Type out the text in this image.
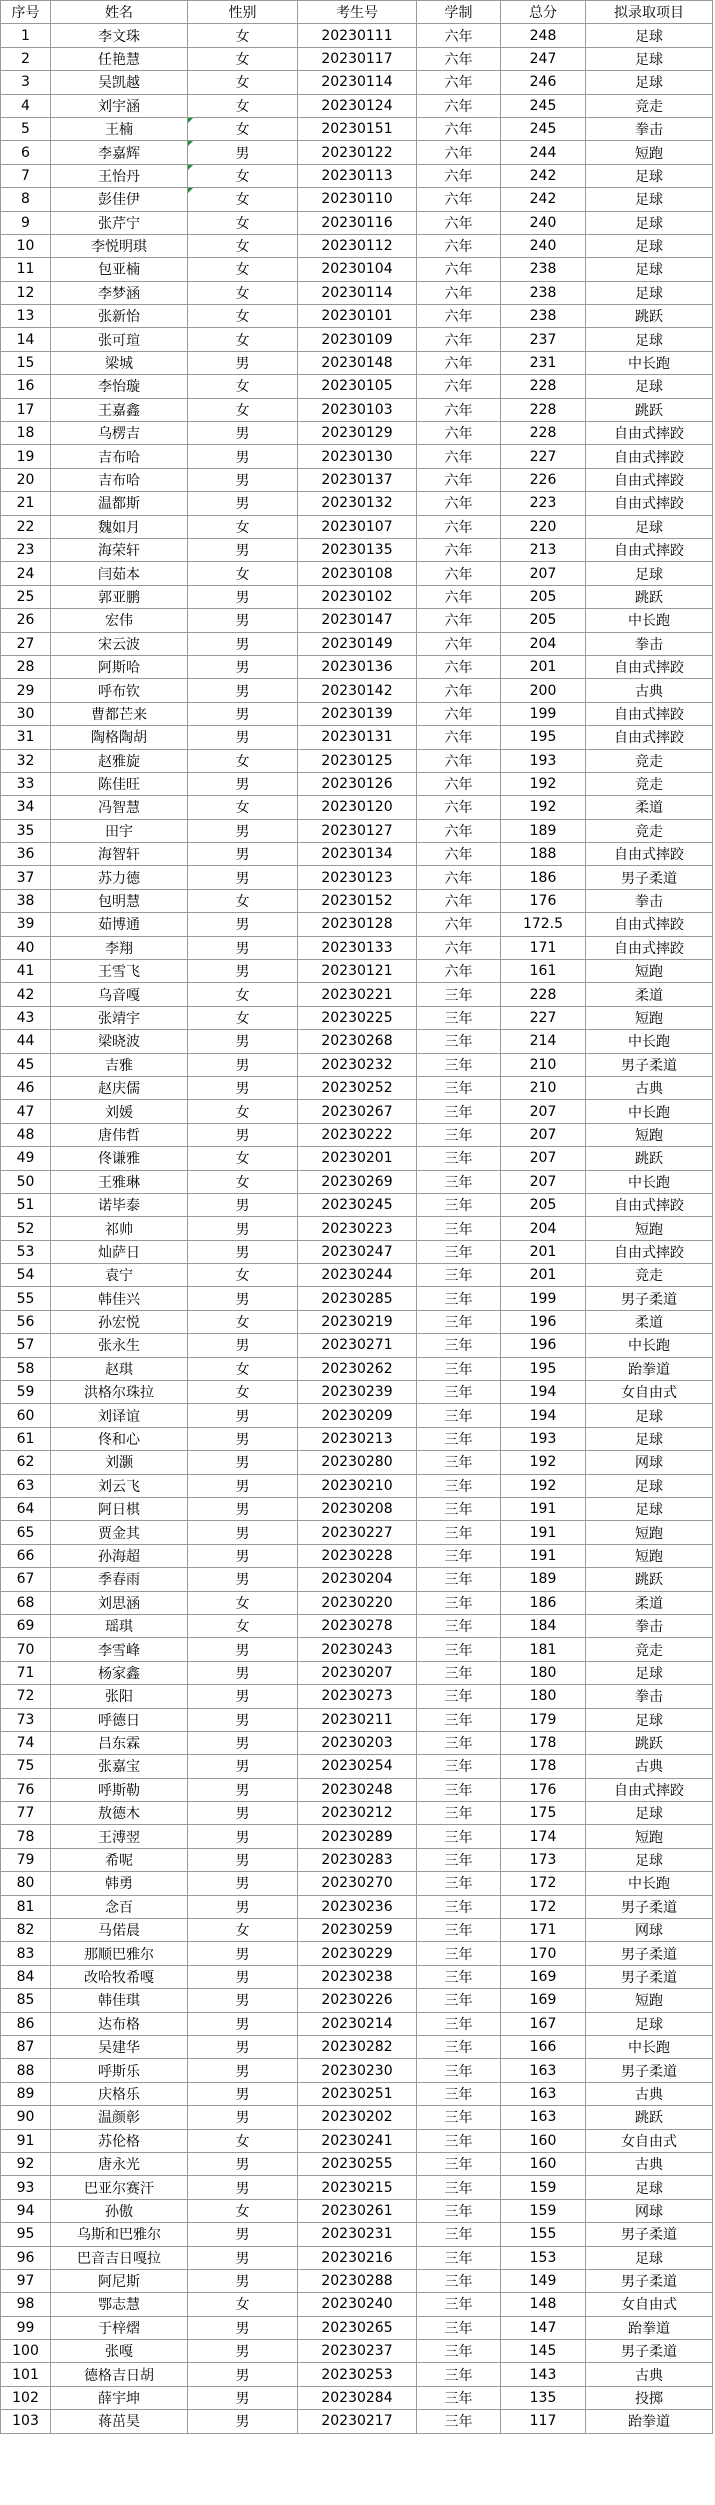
序号	姓名	性别	考生号	学制	总分	拟录取项目
1	李文珠	女	20230111	六年	248	足球
2	任艳慧	女	20230117	六年	247	足球
3	吴凯越	女	20230114	六年	246	足球
4	刘宇涵	女	20230124	六年	245	竞走
5	王楠	女	20230151	六年	245	拳击
6	李嘉辉	男	20230122	六年	244	短跑
7	王怡丹	女	20230113	六年	242	足球
8	彭佳伊	女	20230110	六年	242	足球
9	张芹宁	女	20230116	六年	240	足球
10	李悦明琪	女	20230112	六年	240	足球
11	包亚楠	女	20230104	六年	238	足球
12	李梦涵	女	20230114	六年	238	足球
13	张新怡	女	20230101	六年	238	跳跃
14	张可瑄	女	20230109	六年	237	足球
15	梁城	男	20230148	六年	231	中长跑
16	李怡璇	女	20230105	六年	228	足球
17	王嘉鑫	女	20230103	六年	228	跳跃
18	乌楞吉	男	20230129	六年	228	自由式摔跤
19	吉布哈	男	20230130	六年	227	自由式摔跤
20	吉布哈	男	20230137	六年	226	自由式摔跤
21	温都斯	男	20230132	六年	223	自由式摔跤
22	魏如月	女	20230107	六年	220	足球
23	海荣轩	男	20230135	六年	213	自由式摔跤
24	闫茹本	女	20230108	六年	207	足球
25	郭亚鹏	男	20230102	六年	205	跳跃
26	宏伟	男	20230147	六年	205	中长跑
27	宋云波	男	20230149	六年	204	拳击
28	阿斯哈	男	20230136	六年	201	自由式摔跤
29	呼布钦	男	20230142	六年	200	古典
30	曹都芒来	男	20230139	六年	199	自由式摔跤
31	陶格陶胡	男	20230131	六年	195	自由式摔跤
32	赵雅旋	女	20230125	六年	193	竞走
33	陈佳旺	男	20230126	六年	192	竞走
34	冯智慧	女	20230120	六年	192	柔道
35	田宇	男	20230127	六年	189	竞走
36	海智轩	男	20230134	六年	188	自由式摔跤
37	苏力德	男	20230123	六年	186	男子柔道
38	包明慧	女	20230152	六年	176	拳击
39	茹博通	男	20230128	六年	172.5	自由式摔跤
40	李翔	男	20230133	六年	171	自由式摔跤
41	王雪飞	男	20230121	六年	161	短跑
42	乌音嘎	女	20230221	三年	228	柔道
43	张靖宇	女	20230225	三年	227	短跑
44	梁晓波	男	20230268	三年	214	中长跑
45	吉雅	男	20230232	三年	210	男子柔道
46	赵庆儒	男	20230252	三年	210	古典
47	刘媛	女	20230267	三年	207	中长跑
48	唐伟哲	男	20230222	三年	207	短跑
49	佟谦雅	女	20230201	三年	207	跳跃
50	王雅琳	女	20230269	三年	207	中长跑
51	诺毕泰	男	20230245	三年	205	自由式摔跤
52	祁帅	男	20230223	三年	204	短跑
53	灿萨日	男	20230247	三年	201	自由式摔跤
54	袁宁	女	20230244	三年	201	竞走
55	韩佳兴	男	20230285	三年	199	男子柔道
56	孙宏悦	女	20230219	三年	196	柔道
57	张永生	男	20230271	三年	196	中长跑
58	赵琪	女	20230262	三年	195	跆拳道
59	洪格尔珠拉	女	20230239	三年	194	女自由式
60	刘译谊	男	20230209	三年	194	足球
61	佟和心	男	20230213	三年	193	足球
62	刘灏	男	20230280	三年	192	网球
63	刘云飞	男	20230210	三年	192	足球
64	阿日棋	男	20230208	三年	191	足球
65	贾金其	男	20230227	三年	191	短跑
66	孙海超	男	20230228	三年	191	短跑
67	季春雨	男	20230204	三年	189	跳跃
68	刘思涵	女	20230220	三年	186	柔道
69	瑶琪	女	20230278	三年	184	拳击
70	李雪峰	男	20230243	三年	181	竞走
71	杨家鑫	男	20230207	三年	180	足球
72	张阳	男	20230273	三年	180	拳击
73	呼德日	男	20230211	三年	179	足球
74	吕东霖	男	20230203	三年	178	跳跃
75	张嘉宝	男	20230254	三年	178	古典
76	呼斯勒	男	20230248	三年	176	自由式摔跤
77	敖德木	男	20230212	三年	175	足球
78	王溥翌	男	20230289	三年	174	短跑
79	希呢	男	20230283	三年	173	足球
80	韩勇	男	20230270	三年	172	中长跑
81	念百	男	20230236	三年	172	男子柔道
82	马偌晨	女	20230259	三年	171	网球
83	那顺巴雅尔	男	20230229	三年	170	男子柔道
84	改哈牧希嘎	男	20230238	三年	169	男子柔道
85	韩佳琪	男	20230226	三年	169	短跑
86	达布格	男	20230214	三年	167	足球
87	吴建华	男	20230282	三年	166	中长跑
88	呼斯乐	男	20230230	三年	163	男子柔道
89	庆格乐	男	20230251	三年	163	古典
90	温颜彰	男	20230202	三年	163	跳跃
91	苏伦格	女	20230241	三年	160	女自由式
92	唐永光	男	20230255	三年	160	古典
93	巴亚尔赛汗	男	20230215	三年	159	足球
94	孙傲	女	20230261	三年	159	网球
95	乌斯和巴雅尔	男	20230231	三年	155	男子柔道
96	巴音吉日嘎拉	男	20230216	三年	153	足球
97	阿尼斯	男	20230288	三年	149	男子柔道
98	鄂志慧	女	20230240	三年	148	女自由式
99	于梓熠	男	20230265	三年	147	跆拳道
100	张嘎	男	20230237	三年	145	男子柔道
101	德格吉日胡	男	20230253	三年	143	古典
102	薛宇坤	男	20230284	三年	135	投掷
103	蒋茁昊	男	20230217	三年	117	跆拳道
